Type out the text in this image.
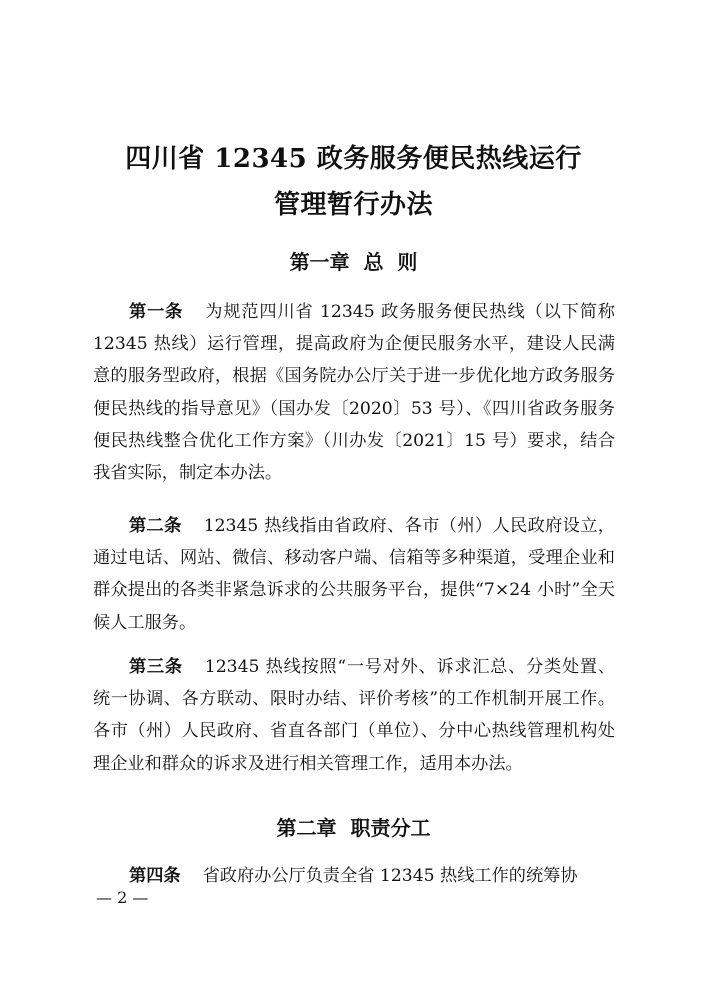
四川省 12345 政务服务便民热线运行
管理暂行办法
第一章  总  则

第一条 为规范四川省 12345 政务服务便民热线（以下简称 12345 热线）运行管理，提高政府为企便民服务水平，建设人民满意的服务型政府，根据《国务院办公厅关于进一步优化地方政务服务便民热线的指导意见》（国办发〔2020〕53 号）、《四川省政务服务便民热线整合优化工作方案》（川办发〔2021〕15 号）要求，结合我省实际，制定本办法。

第二条 12345 热线指由省政府、各市（州）人民政府设立，通过电话、网站、微信、移动客户端、信箱等多种渠道，受理企业和群众提出的各类非紧急诉求的公共服务平台，提供“7×24 小时”全天候人工服务。

第三条 12345 热线按照“一号对外、诉求汇总、分类处置、统一协调、各方联动、限时办结、评价考核”的工作机制开展工作。各市（州）人民政府、省直各部门（单位）、分中心热线管理机构处理企业和群众的诉求及进行相关管理工作，适用本办法。

第二章  职责分工

第四条 省政府办公厅负责全省 12345 热线工作的统筹协

— 2 —
